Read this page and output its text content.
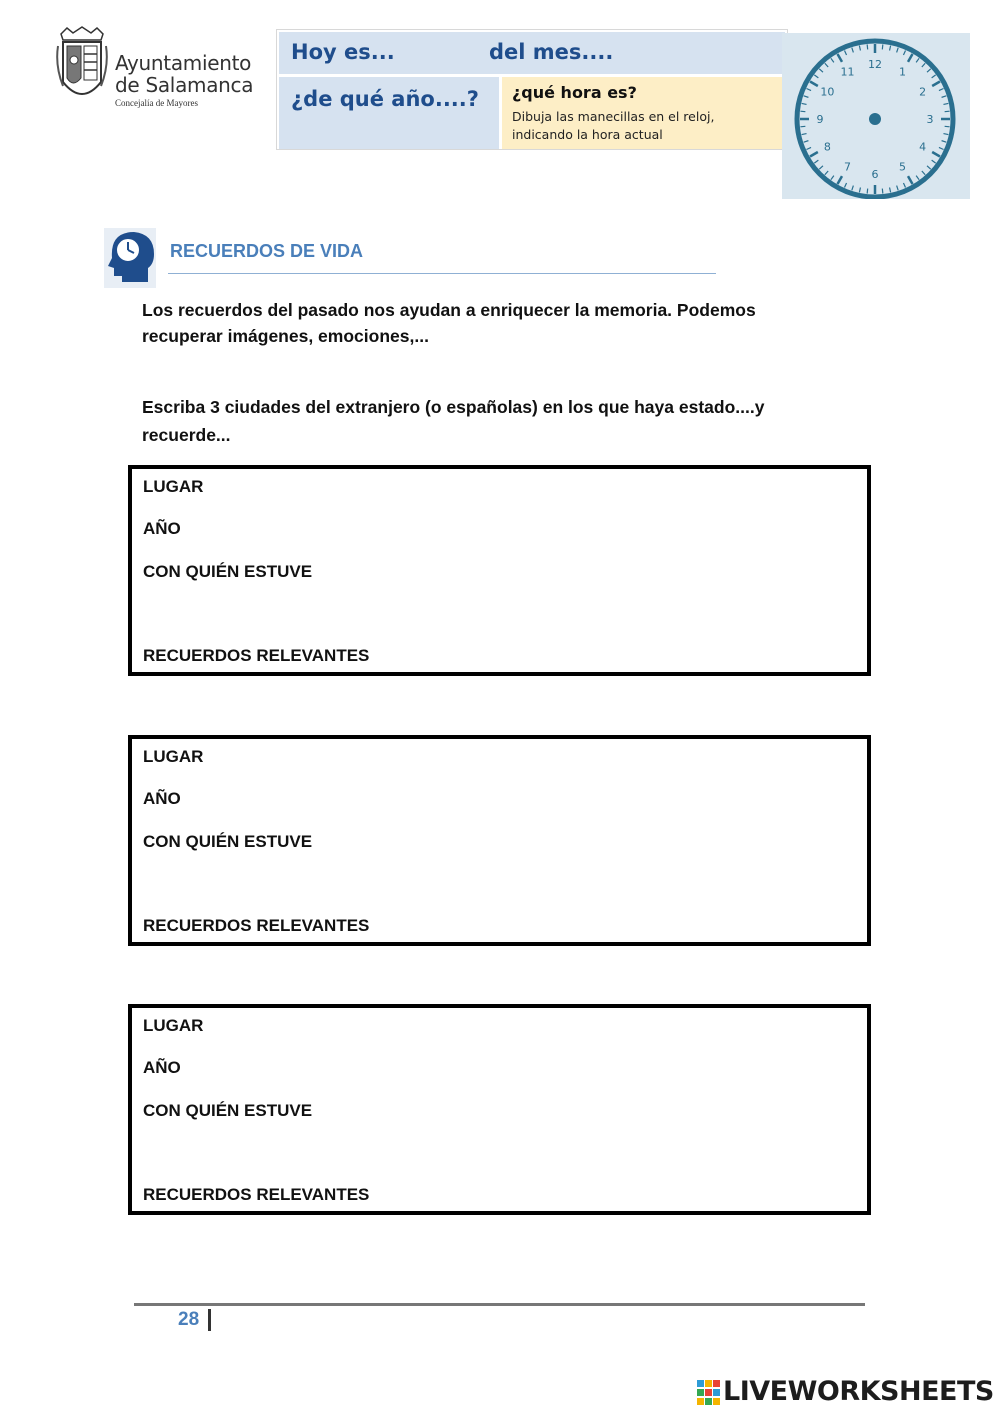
Ayuntamiento
de Salamanca
Concejalía de Mayores
Hoy es...	del mes....
¿de qué año....? ¿qué hora es?
Dibuja las manecillas en el reloj,
indicando la hora actual
12
1
2
3
4
5
6
7
8
9
10
11
RECUERDOS DE VIDA
Los recuerdos del pasado nos ayudan a enriquecer la memoria. Podemos
recuperar imágenes, emociones,...
Escriba 3 ciudades del extranjero (o españolas) en los que haya estado....y
recuerde...
LUGAR
AÑO
CON QUIÉN ESTUVE
RECUERDOS RELEVANTES
LUGAR
AÑO
CON QUIÉN ESTUVE
RECUERDOS RELEVANTES
LUGAR
AÑO
CON QUIÉN ESTUVE
RECUERDOS RELEVANTES
28
LIVEWORKSHEETS
